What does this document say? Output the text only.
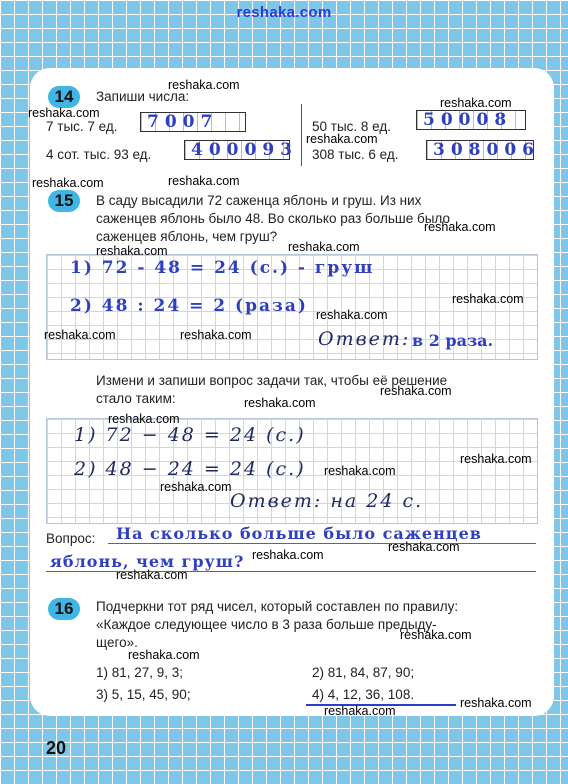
reshaka.com
14	Запиши числа:
7 тыс. 7 ед.	7007
4 сот. тыс. 93 ед.	400093
50 тыс. 8 ед.	50008
308 тыс. 6 ед.	308006
15	В саду высадили 72 саженца яблонь и груш. Из них
саженцев яблонь было 48. Во сколько раз больше было
саженцев яблонь, чем груш?
1) 72 - 48 = 24 (с.) - груш
2) 48 : 24 = 2 (раза)
Ответ: в 2 раза.
Измени и запиши вопрос задачи так, чтобы её решение
стало таким:
1) 72 − 48 = 24 (с.)
2) 48 − 24 = 24 (с.)
Ответ: на 24 с.
Вопрос: На сколько больше было саженцев
яблонь, чем груш?
16	Подчеркни тот ряд чисел, который составлен по правилу:
«Каждое следующее число в 3 раза больше предыду-
щего».
1) 81, 27, 9, 3;	2) 81, 84, 87, 90;
3) 5, 15, 45, 90;	4) 4, 12, 36, 108.
20
reshaka.com
reshaka.com
reshaka.com
reshaka.com
reshaka.com	reshaka.com
reshaka.com
reshaka.com	reshaka.com
reshaka.com
reshaka.com
reshaka.com	reshaka.com
reshaka.com
reshaka.com
reshaka.com
reshaka.com
reshaka.com
reshaka.com
reshaka.com
reshaka.com
reshaka.com
reshaka.com
reshaka.com
reshaka.com
reshaka.com
